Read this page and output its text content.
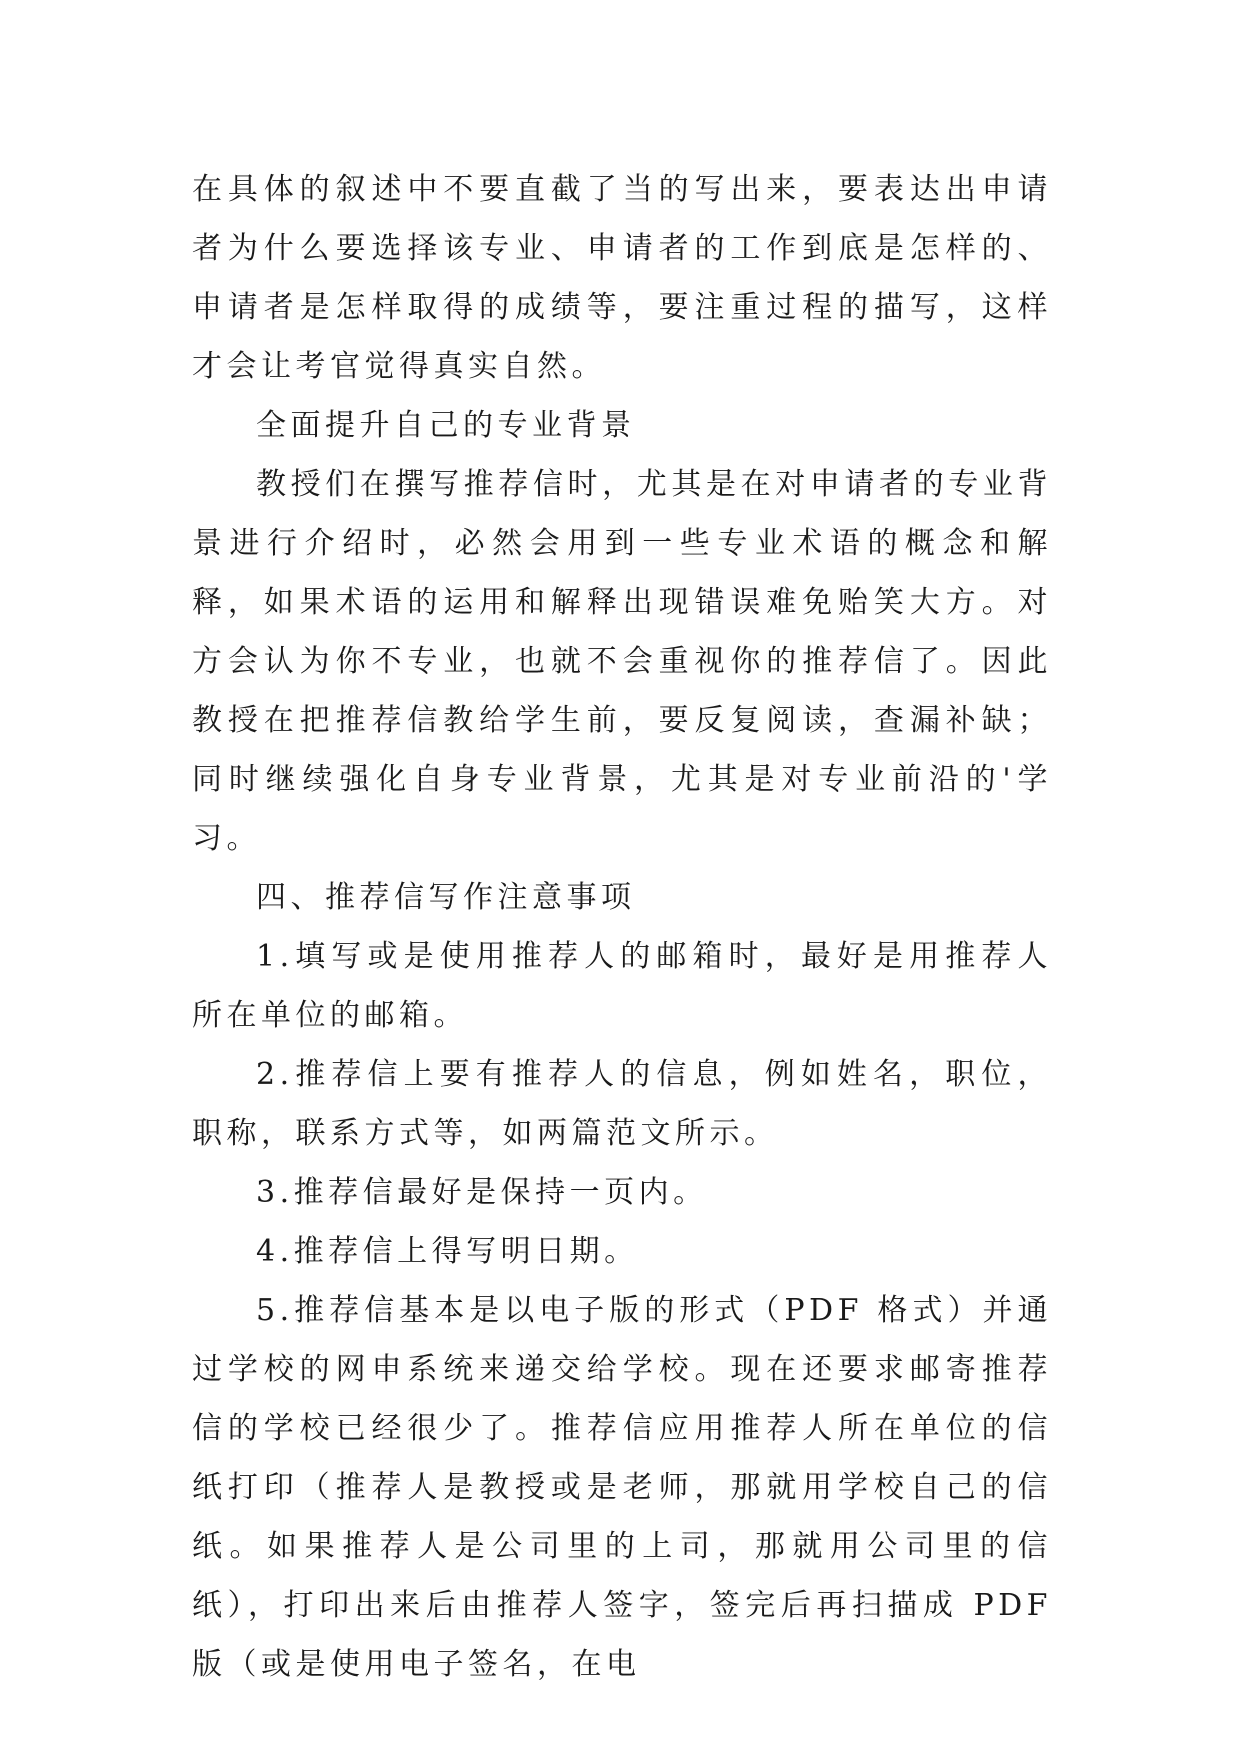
在具体的叙述中不要直截了当的写出来，要表达出申请者为什么要选择该专业、申请者的工作到底是怎样的、申请者是怎样取得的成绩等，要注重过程的描写，这样才会让考官觉得真实自然。

全面提升自己的专业背景

教授们在撰写推荐信时，尤其是在对申请者的专业背景进行介绍时，必然会用到一些专业术语的概念和解释，如果术语的运用和解释出现错误难免贻笑大方。对方会认为你不专业，也就不会重视你的推荐信了。因此教授在把推荐信教给学生前，要反复阅读，查漏补缺；同时继续强化自身专业背景，尤其是对专业前沿的'学习。

四、推荐信写作注意事项

1.填写或是使用推荐人的邮箱时，最好是用推荐人所在单位的邮箱。

2.推荐信上要有推荐人的信息，例如姓名，职位，职称，联系方式等，如两篇范文所示。

3.推荐信最好是保持一页内。

4.推荐信上得写明日期。

5.推荐信基本是以电子版的形式（PDF 格式）并通过学校的网申系统来递交给学校。现在还要求邮寄推荐信的学校已经很少了。推荐信应用推荐人所在单位的信纸打印（推荐人是教授或是老师，那就用学校自己的信纸。如果推荐人是公司里的上司，那就用公司里的信纸），打印出来后由推荐人签字，签完后再扫描成 PDF 版（或是使用电子签名，在电
